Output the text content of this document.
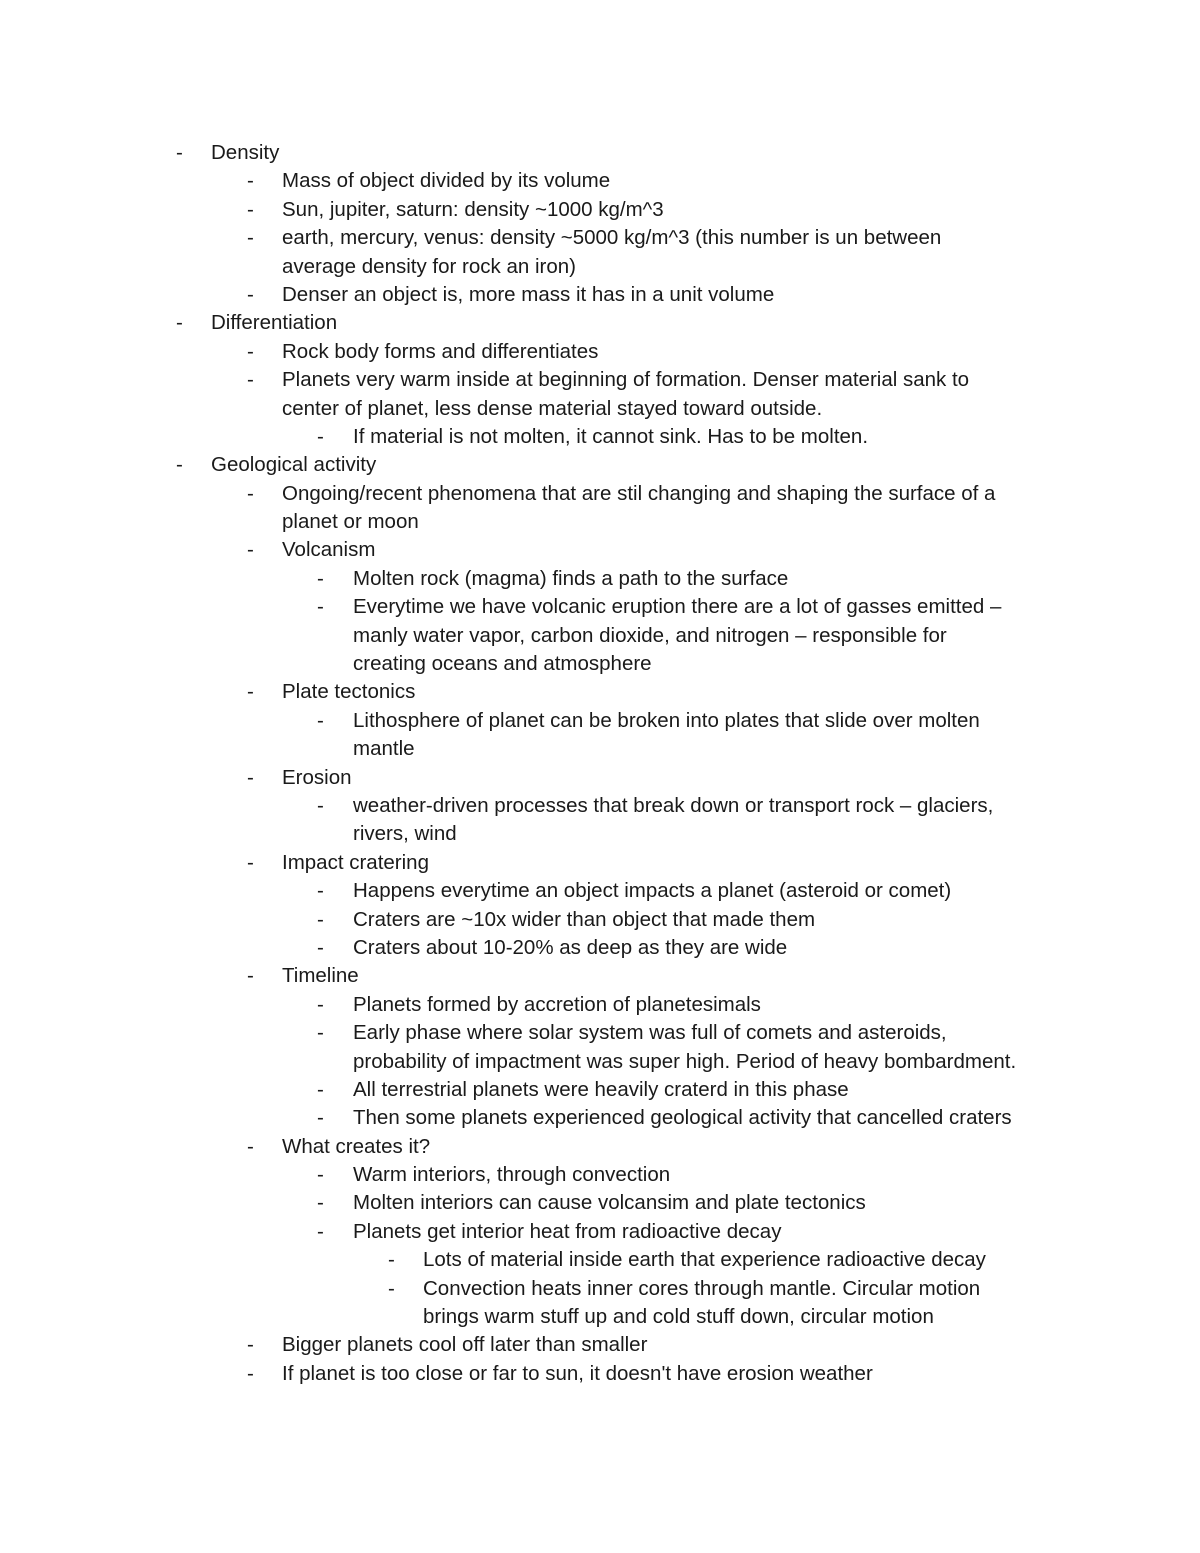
- Density
- Mass of object divided by its volume
- Sun, jupiter, saturn: density ~1000 kg/m^3
- earth, mercury, venus: density ~5000 kg/m^3 (this number is un between
average density for rock an iron)
- Denser an object is, more mass it has in a unit volume
- Differentiation
- Rock body forms and differentiates
- Planets very warm inside at beginning of formation. Denser material sank to
center of planet, less dense material stayed toward outside.
- If material is not molten, it cannot sink. Has to be molten.
- Geological activity
- Ongoing/recent phenomena that are stil changing and shaping the surface of a
planet or moon
- Volcanism
- Molten rock (magma) finds a path to the surface
- Everytime we have volcanic eruption there are a lot of gasses emitted –
manly water vapor, carbon dioxide, and nitrogen – responsible for
creating oceans and atmosphere
- Plate tectonics
- Lithosphere of planet can be broken into plates that slide over molten
mantle
- Erosion
- weather-driven processes that break down or transport rock – glaciers,
rivers, wind
- Impact cratering
- Happens everytime an object impacts a planet (asteroid or comet)
- Craters are ~10x wider than object that made them
- Craters about 10-20% as deep as they are wide
- Timeline
- Planets formed by accretion of planetesimals
- Early phase where solar system was full of comets and asteroids,
probability of impactment was super high. Period of heavy bombardment.
- All terrestrial planets were heavily craterd in this phase
- Then some planets experienced geological activity that cancelled craters
- What creates it?
- Warm interiors, through convection
- Molten interiors can cause volcansim and plate tectonics
- Planets get interior heat from radioactive decay
- Lots of material inside earth that experience radioactive decay
- Convection heats inner cores through mantle. Circular motion
brings warm stuff up and cold stuff down, circular motion
- Bigger planets cool off later than smaller
- If planet is too close or far to sun, it doesn't have erosion weather
